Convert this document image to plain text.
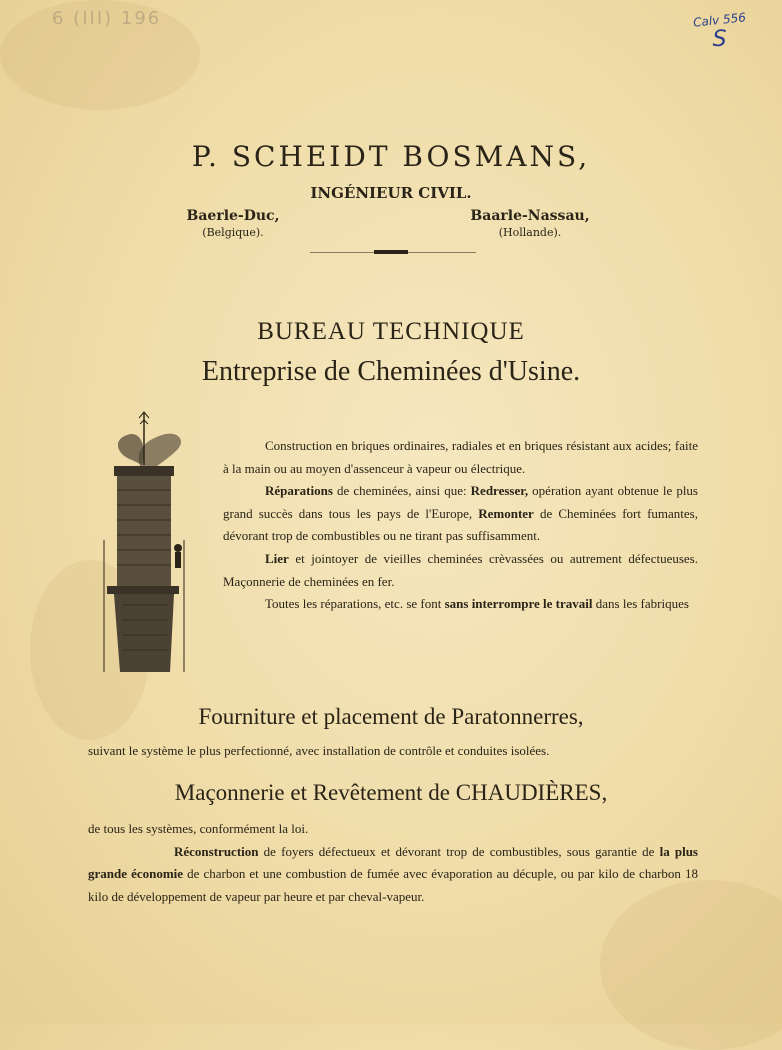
6 (III) 196	Calv 556
S
P. SCHEIDT BOSMANS,
INGÉNIEUR CIVIL.
Baerle-Duc,
(Belgique).
Baarle-Nassau,
(Hollande).
BUREAU TECHNIQUE
Entreprise de Cheminées d'Usine.

Construction en briques ordinaires, radiales et en briques résistant aux acides; faite à la main ou au moyen d'assenceur à vapeur ou électrique.

Réparations de cheminées, ainsi que: Redresser, opération ayant obtenue le plus grand succès dans tous les pays de l'Europe, Remonter de Cheminées fort fumantes, dévorant trop de combustibles ou ne tirant pas suffisamment.

Lier et jointoyer de vieilles cheminées crèvassées ou autrement défectueuses. Maçonnerie de cheminées en fer.

Toutes les réparations, etc. se font sans interrompre le travail dans les fabriques

Fourniture et placement de Paratonnerres,

suivant le système le plus perfectionné, avec installation de contrôle et conduites isolées.

Maçonnerie et Revêtement de CHAUDIÈRES,

de tous les systèmes, conformément la loi.

Réconstruction de foyers défectueux et dévorant trop de combustibles, sous garantie de la plus grande économie de charbon et une combustion de fumée avec évaporation au décuple, ou par kilo de charbon 18 kilo de développement de vapeur par heure et par cheval-vapeur.
